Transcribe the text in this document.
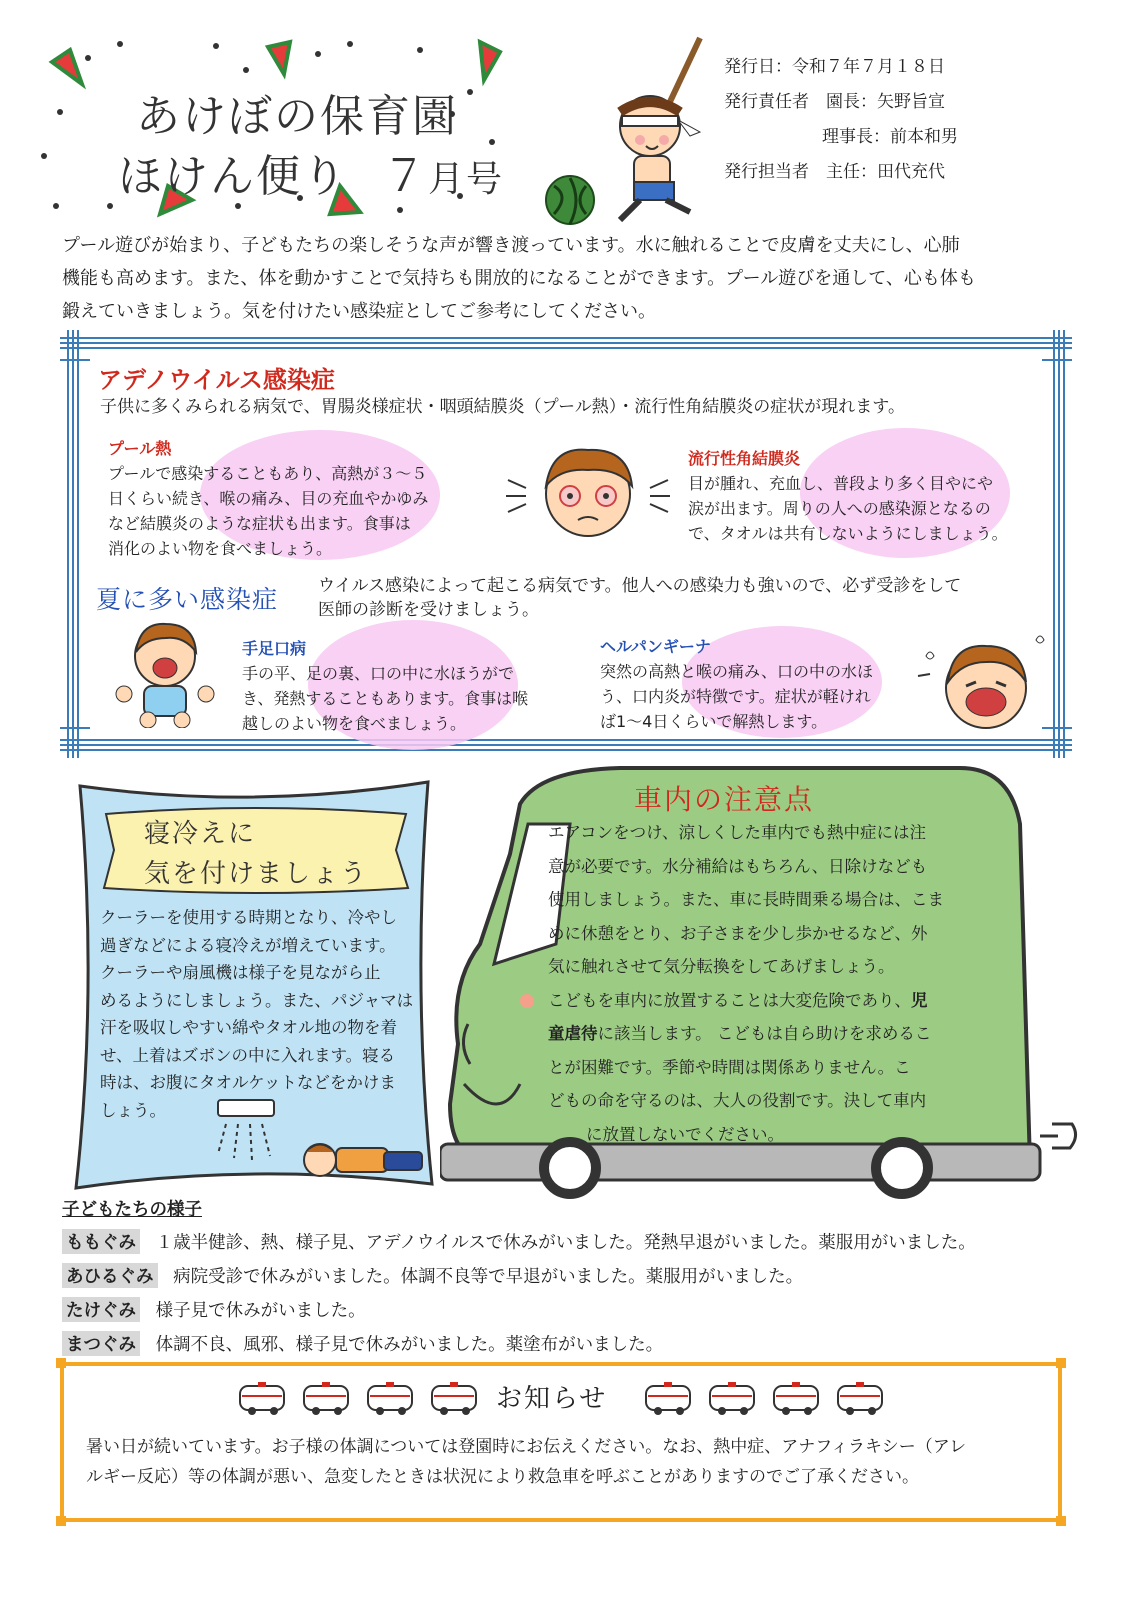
あけぼの保育園
ほけん便り ７月号
発行日：令和７年７月１８日
発行責任者　園長：矢野旨宣
理事長：前本和男
発行担当者　主任：田代充代
プール遊びが始まり、子どもたちの楽しそうな声が響き渡っています。水に触れることで皮膚を丈夫にし、心肺
機能も高めます。また、体を動かすことで気持ちも開放的になることができます。プール遊びを通して、心も体も
鍛えていきましょう。気を付けたい感染症としてご参考にしてください。
アデノウイルス感染症
子供に多くみられる病気で、胃腸炎様症状・咽頭結膜炎（プール熱）・流行性角結膜炎の症状が現れます。
プール熱
プールで感染することもあり、高熱が３～５
日くらい続き、喉の痛み、目の充血やかゆみ
など結膜炎のような症状も出ます。食事は
消化のよい物を食べましょう。
流行性角結膜炎
目が腫れ、充血し、普段より多く目やにや
涙が出ます。周りの人への感染源となるの
で、タオルは共有しないようにしましょう。
夏に多い感染症 ウイルス感染によって起こる病気です。他人への感染力も強いので、必ず受診をして
医師の診断を受けましょう。
手足口病
手の平、足の裏、口の中に水ほうがで
き、発熱することもあります。食事は喉
越しのよい物を食べましょう。
ヘルパンギーナ
突然の高熱と喉の痛み、口の中の水ほ
う、口内炎が特徴です。症状が軽けれ
ば1～4日くらいで解熱します。
寝冷えに
気を付けましょう
クーラーを使用する時期となり、冷やし
過ぎなどによる寝冷えが増えています。
クーラーや扇風機は様子を見ながら止
めるようにしましょう。また、パジャマは
汗を吸収しやすい綿やタオル地の物を着
せ、上着はズボンの中に入れます。寝る
時は、お腹にタオルケットなどをかけま
しょう。
車内の注意点
エアコンをつけ、涼しくした車内でも熱中症には注
意が必要です。水分補給はもちろん、日除けなども
使用しましょう。また、車に長時間乗る場合は、こま
めに休憩をとり、お子さまを少し歩かせるなど、外
気に触れさせて気分転換をしてあげましょう。
こどもを車内に放置することは大変危険であり、児
童虐待に該当します。 こどもは自ら助けを求めるこ
とが困難です。季節や時間は関係ありません。こ
どもの命を守るのは、大人の役割です。決して車内
に放置しないでください。
子どもたちの様子
ももぐみ １歳半健診、熱、様子見、アデノウイルスで休みがいました。発熱早退がいました。薬服用がいました。
あひるぐみ 病院受診で休みがいました。体調不良等で早退がいました。薬服用がいました。
たけぐみ 様子見で休みがいました。
まつぐみ 体調不良、風邪、様子見で休みがいました。薬塗布がいました。
お知らせ
暑い日が続いています。お子様の体調については登園時にお伝えください。なお、熱中症、アナフィラキシー（アレ
ルギー反応）等の体調が悪い、急変したときは状況により救急車を呼ぶことがありますのでご了承ください。
